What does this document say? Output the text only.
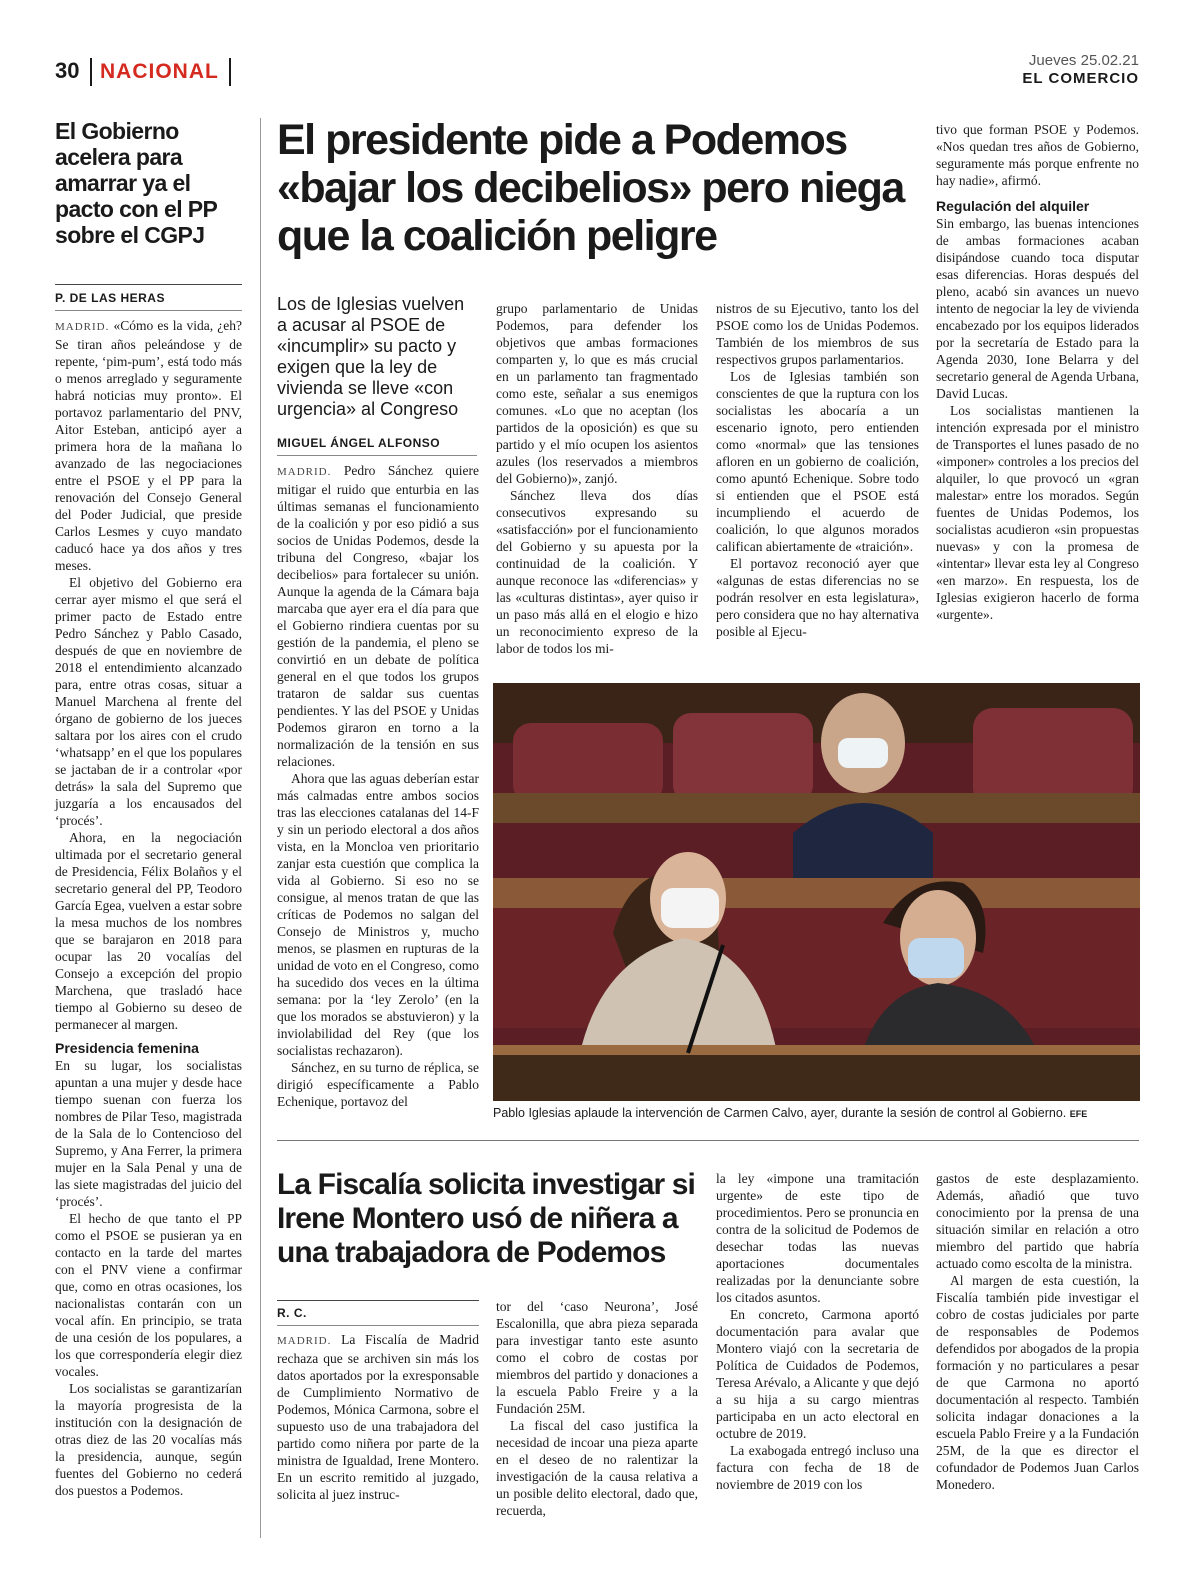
30 NACIONAL	Jueves 25.02.21
EL COMERCIO
El Gobierno acelera para amarrar ya el pacto con el PP sobre el CGPJ
P. DE LAS HERAS

MADRID. «Cómo es la vida, ¿eh? Se tiran años peleándose y de repente, ‘pim-pum’, está todo más o menos arreglado y seguramente habrá noticias muy pronto». El portavoz parlamentario del PNV, Aitor Esteban, anticipó ayer a primera hora de la mañana lo avanzado de las negociaciones entre el PSOE y el PP para la renovación del Consejo General del Poder Judicial, que preside Carlos Lesmes y cuyo mandato caducó hace ya dos años y tres meses.

El objetivo del Gobierno era cerrar ayer mismo el que será el primer pacto de Estado entre Pedro Sánchez y Pablo Casado, después de que en noviembre de 2018 el entendimiento alcanzado para, entre otras cosas, situar a Manuel Marchena al frente del órgano de gobierno de los jueces saltara por los aires con el crudo ‘whatsapp’ en el que los populares se jactaban de ir a controlar «por detrás» la sala del Supremo que juzgaría a los encausados del ‘procés’.

Ahora, en la negociación ultimada por el secretario general de Presidencia, Félix Bolaños y el secretario general del PP, Teodoro García Egea, vuelven a estar sobre la mesa muchos de los nombres que se barajaron en 2018 para ocupar las 20 vocalías del Consejo a excepción del propio Marchena, que trasladó hace tiempo al Gobierno su deseo de permanecer al margen.

Presidencia femenina

En su lugar, los socialistas apuntan a una mujer y desde hace tiempo suenan con fuerza los nombres de Pilar Teso, magistrada de la Sala de lo Contencioso del Supremo, y Ana Ferrer, la primera mujer en la Sala Penal y una de las siete magistradas del juicio del ‘procés’.

El hecho de que tanto el PP como el PSOE se pusieran ya en contacto en la tarde del martes con el PNV viene a confirmar que, como en otras ocasiones, los nacionalistas contarán con un vocal afín. En principio, se trata de una cesión de los populares, a los que correspondería elegir diez vocales.

Los socialistas se garantizarían la mayoría progresista de la institución con la designación de otras diez de las 20 vocalías más la presidencia, aunque, según fuentes del Gobierno no cederá dos puestos a Podemos.

El presidente pide a Podemos «bajar los decibelios» pero niega que la coalición peligre
Los de Iglesias vuelven a acusar al PSOE de «incumplir» su pacto y exigen que la ley de vivienda se lleve «con urgencia» al Congreso
MIGUEL ÁNGEL ALFONSO

MADRID. Pedro Sánchez quiere mitigar el ruido que enturbia en las últimas semanas el funcionamiento de la coalición y por eso pidió a sus socios de Unidas Podemos, desde la tribuna del Congreso, «bajar los decibelios» para fortalecer su unión. Aunque la agenda de la Cámara baja marcaba que ayer era el día para que el Gobierno rindiera cuentas por su gestión de la pandemia, el pleno se convirtió en un debate de política general en el que todos los grupos trataron de saldar sus cuentas pendientes. Y las del PSOE y Unidas Podemos giraron en torno a la normalización de la tensión en sus relaciones.

Ahora que las aguas deberían estar más calmadas entre ambos socios tras las elecciones catalanas del 14-F y sin un periodo electoral a dos años vista, en la Moncloa ven prioritario zanjar esta cuestión que complica la vida al Gobierno. Si eso no se consigue, al menos tratan de que las críticas de Podemos no salgan del Consejo de Ministros y, mucho menos, se plasmen en rupturas de la unidad de voto en el Congreso, como ha sucedido dos veces en la última semana: por la ‘ley Zerolo’ (en la que los morados se abstuvieron) y la inviolabilidad del Rey (que los socialistas rechazaron).

Sánchez, en su turno de réplica, se dirigió específicamente a Pablo Echenique, portavoz del

grupo parlamentario de Unidas Podemos, para defender los objetivos que ambas formaciones comparten y, lo que es más crucial en un parlamento tan fragmentado como este, señalar a sus enemigos comunes. «Lo que no aceptan (los partidos de la oposición) es que su partido y el mío ocupen los asientos azules (los reservados a miembros del Gobierno)», zanjó.

Sánchez lleva dos días consecutivos expresando su «satisfacción» por el funcionamiento del Gobierno y su apuesta por la continuidad de la coalición. Y aunque reconoce las «diferencias» y las «culturas distintas», ayer quiso ir un paso más allá en el elogio e hizo un reconocimiento expreso de la labor de todos los mi-

nistros de su Ejecutivo, tanto los del PSOE como los de Unidas Podemos. También de los miembros de sus respectivos grupos parlamentarios.

Los de Iglesias también son conscientes de que la ruptura con los socialistas les abocaría a un escenario ignoto, pero entienden como «normal» que las tensiones afloren en un gobierno de coalición, como apuntó Echenique. Sobre todo si entienden que el PSOE está incumpliendo el acuerdo de coalición, lo que algunos morados califican abiertamente de «traición».

El portavoz reconoció ayer que «algunas de estas diferencias no se podrán resolver en esta legislatura», pero considera que no hay alternativa posible al Ejecu-

tivo que forman PSOE y Podemos. «Nos quedan tres años de Gobierno, seguramente más porque enfrente no hay nadie», afirmó.

Regulación del alquiler

Sin embargo, las buenas intenciones de ambas formaciones acaban disipándose cuando toca disputar esas diferencias. Horas después del pleno, acabó sin avances un nuevo intento de negociar la ley de vivienda encabezado por los equipos liderados por la secretaría de Estado para la Agenda 2030, Ione Belarra y del secretario general de Agenda Urbana, David Lucas.

Los socialistas mantienen la intención expresada por el ministro de Transportes el lunes pasado de no «imponer» controles a los precios del alquiler, lo que provocó un «gran malestar» entre los morados. Según fuentes de Unidas Podemos, los socialistas acudieron «sin propuestas nuevas» y con la promesa de «intentar» llevar esta ley al Congreso «en marzo». En respuesta, los de Iglesias exigieron hacerlo de forma «urgente».

Pablo Iglesias aplaude la intervención de Carmen Calvo, ayer, durante la sesión de control al Gobierno. EFE
La Fiscalía solicita investigar si Irene Montero usó de niñera a una trabajadora de Podemos
R. C.

MADRID. La Fiscalía de Madrid rechaza que se archiven sin más los datos aportados por la exresponsable de Cumplimiento Normativo de Podemos, Mónica Carmona, sobre el supuesto uso de una trabajadora del partido como niñera por parte de la ministra de Igualdad, Irene Montero. En un escrito remitido al juzgado, solicita al juez instruc-

tor del ‘caso Neurona’, José Escalonilla, que abra pieza separada para investigar tanto este asunto como el cobro de costas por miembros del partido y donaciones a la escuela Pablo Freire y a la Fundación 25M.

La fiscal del caso justifica la necesidad de incoar una pieza aparte en el deseo de no ralentizar la investigación de la causa relativa a un posible delito electoral, dado que, recuerda,

la ley «impone una tramitación urgente» de este tipo de procedimientos. Pero se pronuncia en contra de la solicitud de Podemos de desechar todas las nuevas aportaciones documentales realizadas por la denunciante sobre los citados asuntos.

En concreto, Carmona aportó documentación para avalar que Montero viajó con la secretaria de Política de Cuidados de Podemos, Teresa Arévalo, a Alicante y que dejó a su hija a su cargo mientras participaba en un acto electoral en octubre de 2019.

La exabogada entregó incluso una factura con fecha de 18 de noviembre de 2019 con los

gastos de este desplazamiento. Además, añadió que tuvo conocimiento por la prensa de una situación similar en relación a otro miembro del partido que habría actuado como escolta de la ministra.

Al margen de esta cuestión, la Fiscalía también pide investigar el cobro de costas judiciales por parte de responsables de Podemos defendidos por abogados de la propia formación y no particulares a pesar de que Carmona no aportó documentación al respecto. También solicita indagar donaciones a la escuela Pablo Freire y a la Fundación 25M, de la que es director el cofundador de Podemos Juan Carlos Monedero.
